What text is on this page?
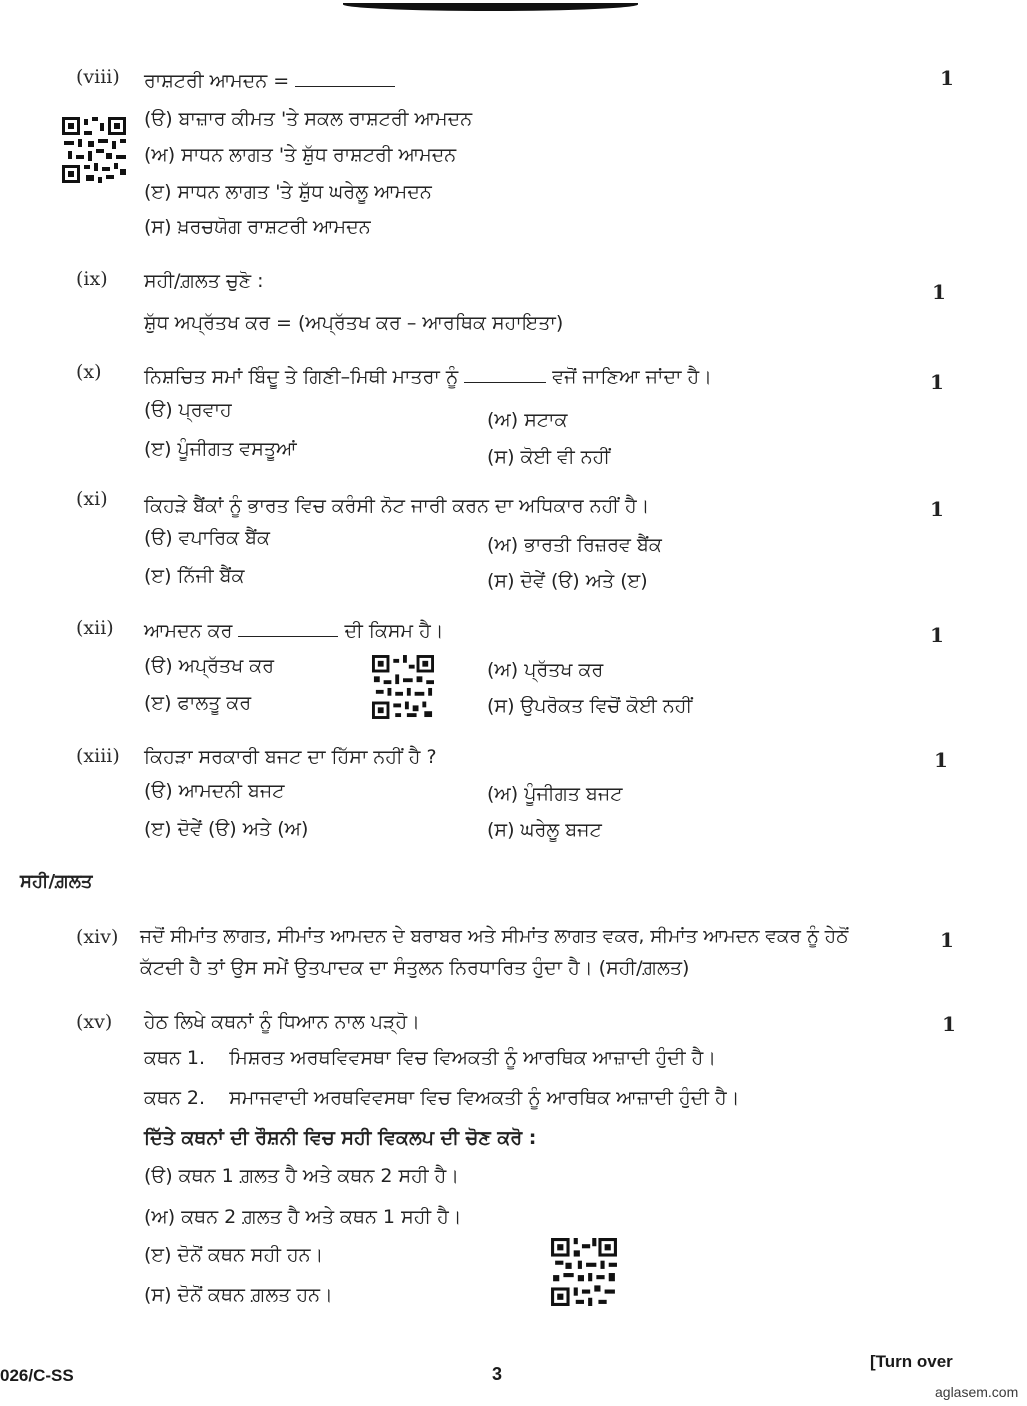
(viii) ਰਾਸ਼ਟਰੀ ਆਮਦਨ =	1
(ੳ) ਬਾਜ਼ਾਰ ਕੀਮਤ 'ਤੇ ਸਕਲ ਰਾਸ਼ਟਰੀ ਆਮਦਨ
(ਅ) ਸਾਧਨ ਲਾਗਤ 'ਤੇ ਸ਼ੁੱਧ ਰਾਸ਼ਟਰੀ ਆਮਦਨ
(ੲ) ਸਾਧਨ ਲਾਗਤ 'ਤੇ ਸ਼ੁੱਧ ਘਰੇਲੂ ਆਮਦਨ
(ਸ) ਖ਼ਰਚਯੋਗ ਰਾਸ਼ਟਰੀ ਆਮਦਨ
(ix) ਸਹੀ/ਗ਼ਲਤ ਚੁਣੋ :	1
ਸ਼ੁੱਧ ਅਪ੍ਰੱਤਖ ਕਰ = (ਅਪ੍ਰੱਤਖ ਕਰ – ਆਰਥਿਕ ਸਹਾਇਤਾ)
(x) ਨਿਸ਼ਚਿਤ ਸਮਾਂ ਬਿੰਦੂ ਤੇ ਗਿਣੀ–ਮਿਥੀ ਮਾਤਰਾ ਨੂੰ	ਵਜੋਂ ਜਾਣਿਆ ਜਾਂਦਾ ਹੈ।	1
(ੳ) ਪ੍ਰਵਾਹ	(ਅ) ਸਟਾਕ
(ੲ) ਪੂੰਜੀਗਤ ਵਸਤੂਆਂ	(ਸ) ਕੋਈ ਵੀ ਨਹੀਂ
(xi) ਕਿਹੜੇ ਬੈਂਕਾਂ ਨੂੰ ਭਾਰਤ ਵਿਚ ਕਰੰਸੀ ਨੋਟ ਜਾਰੀ ਕਰਨ ਦਾ ਅਧਿਕਾਰ ਨਹੀਂ ਹੈ।	1
(ੳ) ਵਪਾਰਿਕ ਬੈਂਕ	(ਅ) ਭਾਰਤੀ ਰਿਜ਼ਰਵ ਬੈਂਕ
(ੲ) ਨਿੱਜੀ ਬੈਂਕ	(ਸ) ਦੋਵੇਂ (ੳ) ਅਤੇ (ੲ)
(xii) ਆਮਦਨ ਕਰ	ਦੀ ਕਿਸਮ ਹੈ।	1
(ੳ) ਅਪ੍ਰੱਤਖ ਕਰ	(ਅ) ਪ੍ਰੱਤਖ ਕਰ
(ੲ) ਫਾਲਤੂ ਕਰ	(ਸ) ਉਪਰੋਕਤ ਵਿਚੋਂ ਕੋਈ ਨਹੀਂ
(xiii) ਕਿਹੜਾ ਸਰਕਾਰੀ ਬਜਟ ਦਾ ਹਿੱਸਾ ਨਹੀਂ ਹੈ ?	1
(ੳ) ਆਮਦਨੀ ਬਜਟ	(ਅ) ਪੂੰਜੀਗਤ ਬਜਟ
(ੲ) ਦੋਵੇਂ (ੳ) ਅਤੇ (ਅ)	(ਸ) ਘਰੇਲੂ ਬਜਟ
ਸਹੀ/ਗ਼ਲਤ
(xiv) ਜਦੋਂ ਸੀਮਾਂਤ ਲਾਗਤ, ਸੀਮਾਂਤ ਆਮਦਨ ਦੇ ਬਰਾਬਰ ਅਤੇ ਸੀਮਾਂਤ ਲਾਗਤ ਵਕਰ, ਸੀਮਾਂਤ ਆਮਦਨ ਵਕਰ ਨੂੰ ਹੇਠੋਂ
ਕੱਟਦੀ ਹੈ ਤਾਂ ਉਸ ਸਮੇਂ ਉਤਪਾਦਕ ਦਾ ਸੰਤੁਲਨ ਨਿਰਧਾਰਿਤ ਹੁੰਦਾ ਹੈ। (ਸਹੀ/ਗ਼ਲਤ)
1
(xv) ਹੇਠ ਲਿਖੇ ਕਥਨਾਂ ਨੂੰ ਧਿਆਨ ਨਾਲ ਪੜ੍ਹੋ।	1
ਕਥਨ 1.    ਮਿਸ਼ਰਤ ਅਰਥਵਿਵਸਥਾ ਵਿਚ ਵਿਅਕਤੀ ਨੂੰ ਆਰਥਿਕ ਆਜ਼ਾਦੀ ਹੁੰਦੀ ਹੈ।
ਕਥਨ 2.    ਸਮਾਜਵਾਦੀ ਅਰਥਵਿਵਸਥਾ ਵਿਚ ਵਿਅਕਤੀ ਨੂੰ ਆਰਥਿਕ ਆਜ਼ਾਦੀ ਹੁੰਦੀ ਹੈ।
ਦਿੱਤੇ ਕਥਨਾਂ ਦੀ ਰੌਸ਼ਨੀ ਵਿਚ ਸਹੀ ਵਿਕਲਪ ਦੀ ਚੋਣ ਕਰੋ :
(ੳ) ਕਥਨ 1 ਗ਼ਲਤ ਹੈ ਅਤੇ ਕਥਨ 2 ਸਹੀ ਹੈ।
(ਅ) ਕਥਨ 2 ਗ਼ਲਤ ਹੈ ਅਤੇ ਕਥਨ 1 ਸਹੀ ਹੈ।
(ੲ) ਦੋਨੋਂ ਕਥਨ ਸਹੀ ਹਨ।
(ਸ) ਦੋਨੋਂ ਕਥਨ ਗ਼ਲਤ ਹਨ।
026/C-SS	3
[Turn over
aglasem.com
